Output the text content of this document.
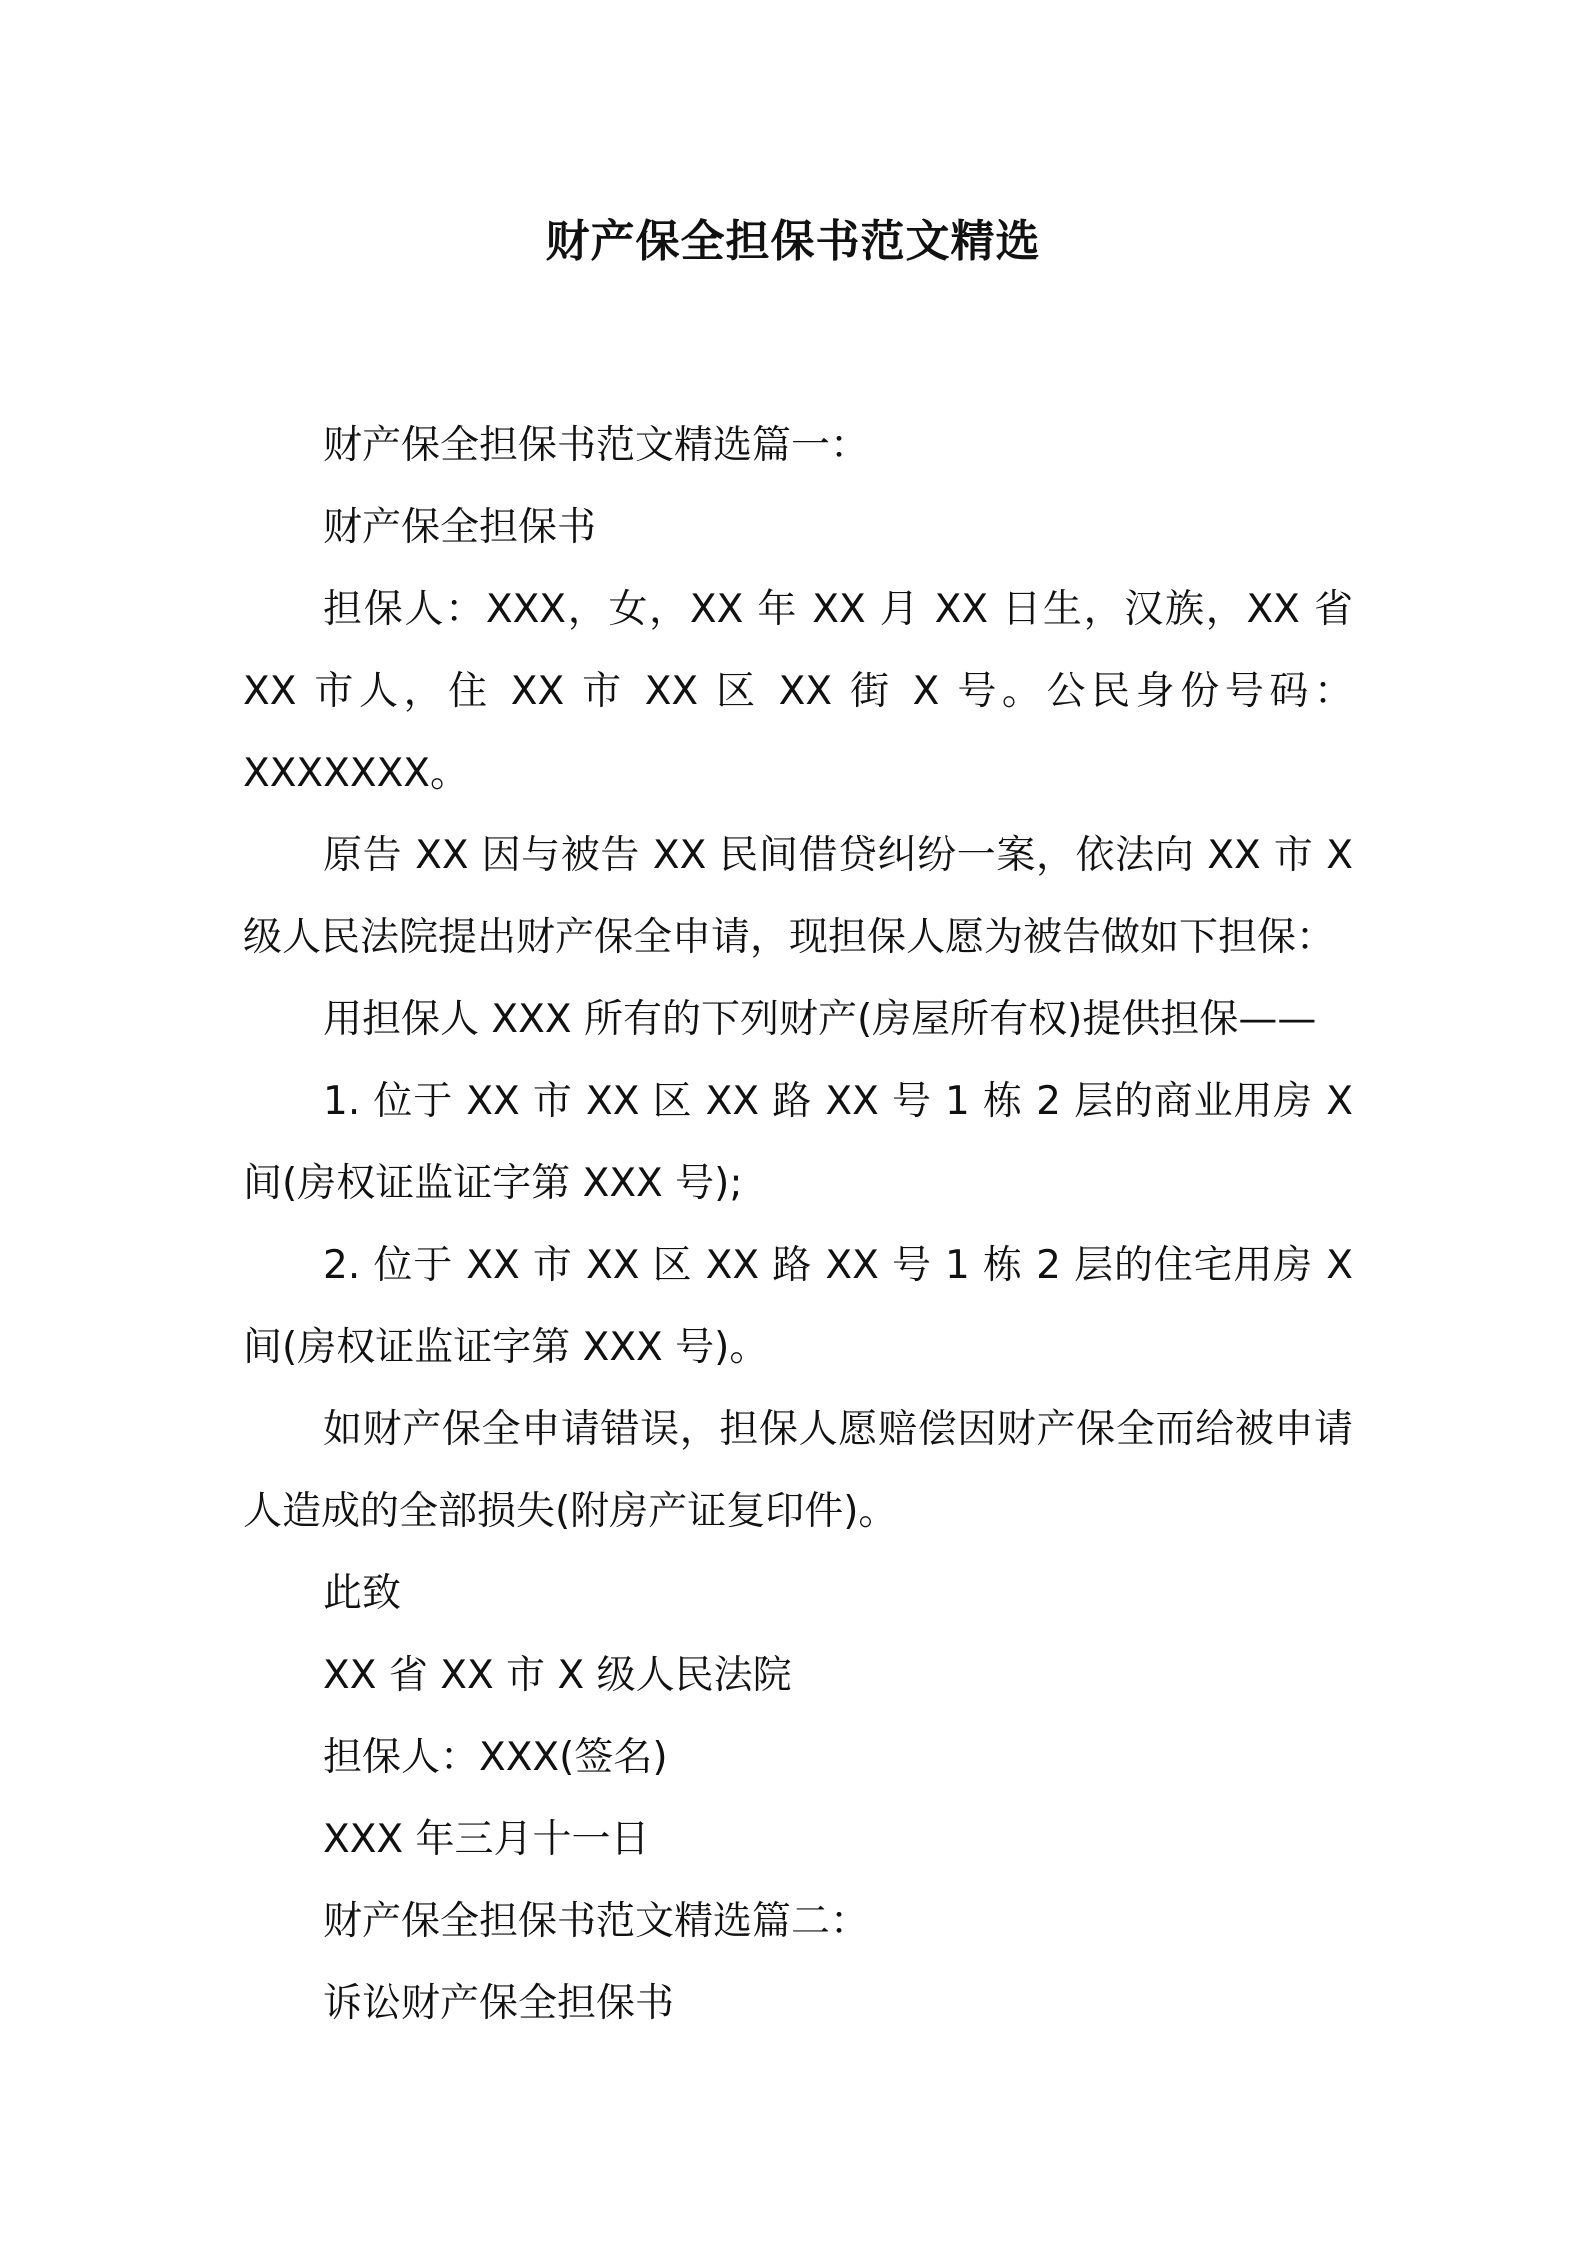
财产保全担保书范文精选

财产保全担保书范文精选篇一：

财产保全担保书

担保人：XXX，女，XX 年 XX 月 XX 日生，汉族，XX 省 XX 市人，住 XX 市 XX 区 XX 街 X 号。公民身份号码：XXXXXXX。

原告 XX 因与被告 XX 民间借贷纠纷一案，依法向 XX 市 X 级人民法院提出财产保全申请，现担保人愿为被告做如下担保：

用担保人 XXX 所有的下列财产(房屋所有权)提供担保——

1. 位于 XX 市 XX 区 XX 路 XX 号 1 栋 2 层的商业用房 X 间(房权证监证字第 XXX 号);

2. 位于 XX 市 XX 区 XX 路 XX 号 1 栋 2 层的住宅用房 X 间(房权证监证字第 XXX 号)。

如财产保全申请错误，担保人愿赔偿因财产保全而给被申请人造成的全部损失(附房产证复印件)。

此致

XX 省 XX 市 X 级人民法院

担保人：XXX(签名)

XXX 年三月十一日

财产保全担保书范文精选篇二：

诉讼财产保全担保书
